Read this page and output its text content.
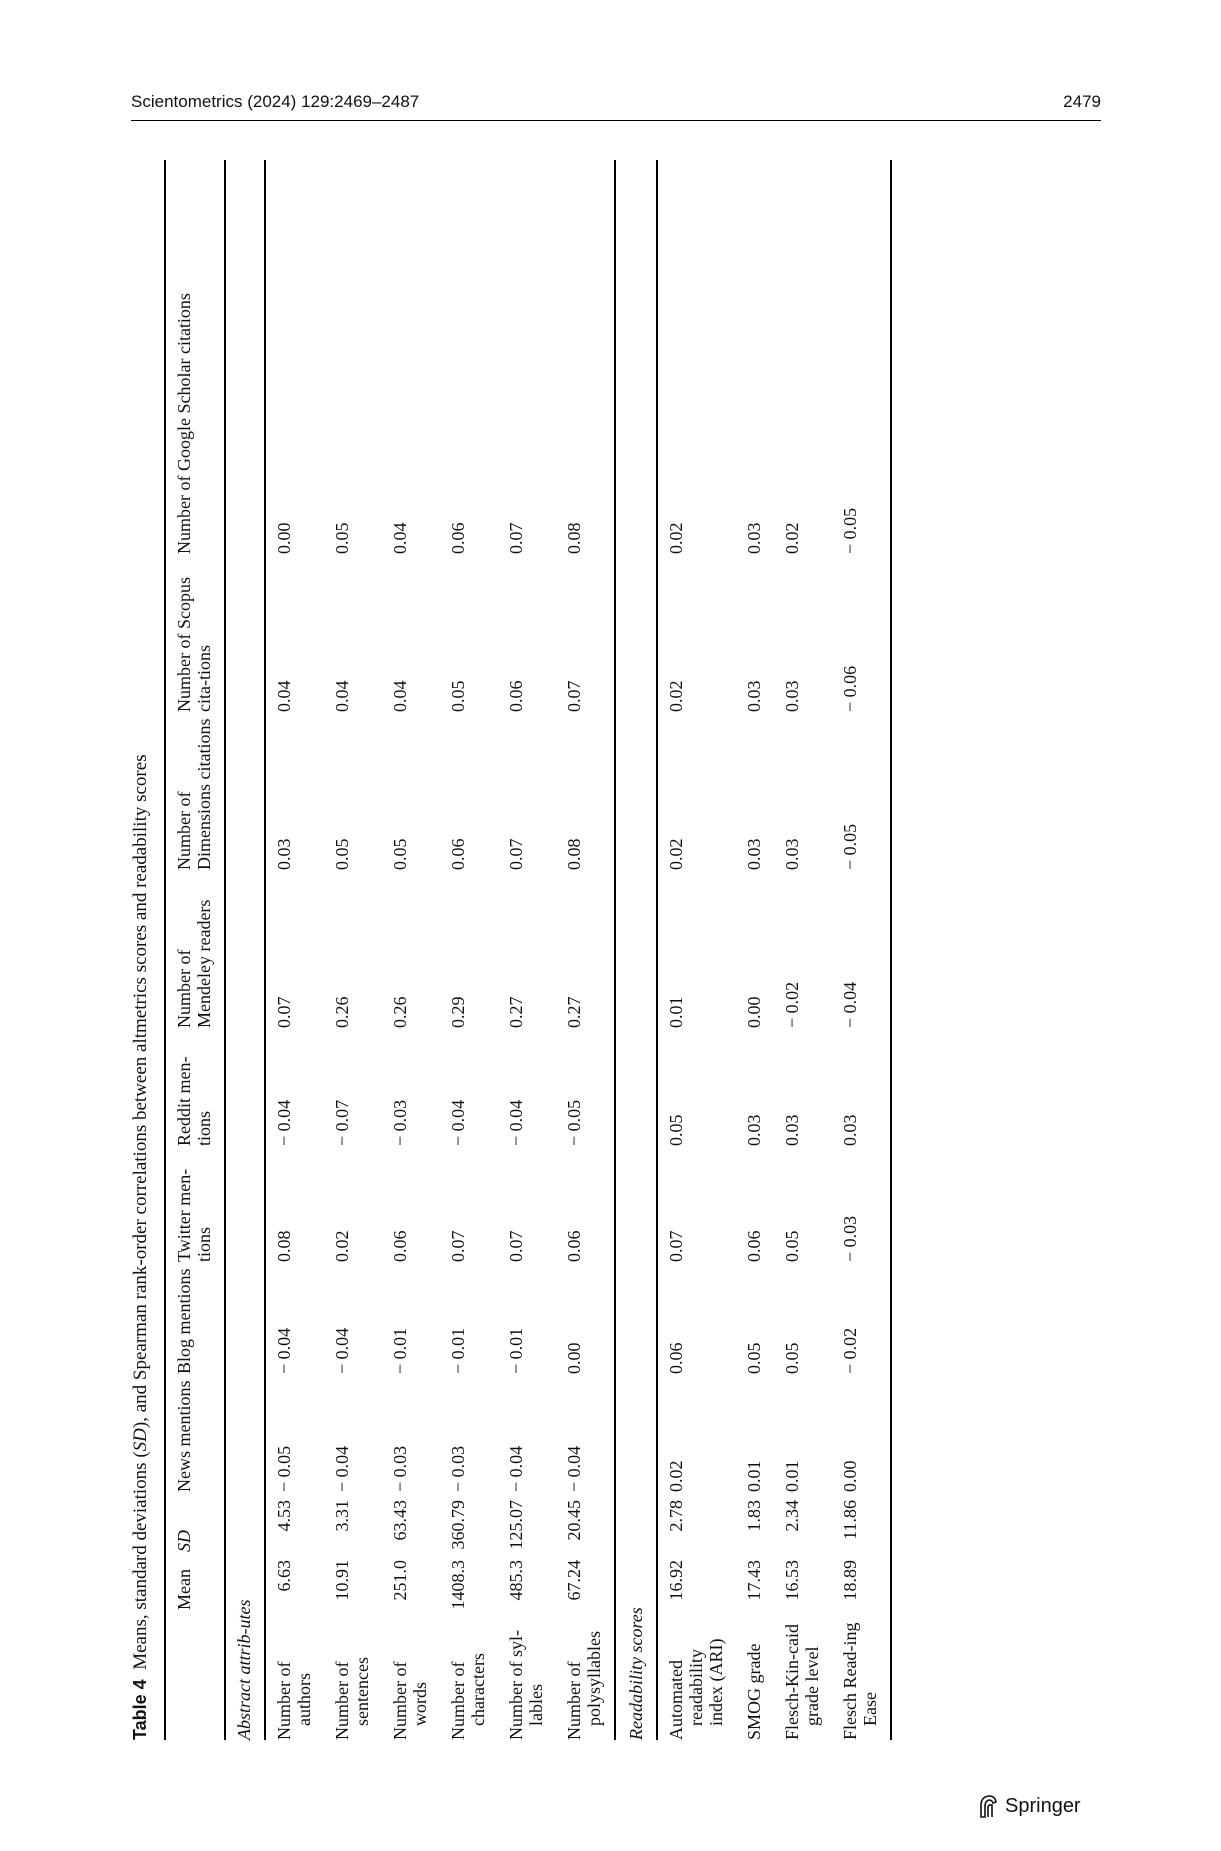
Scientometrics (2024) 129:2469–2487	2479
Table 4  Means, standard deviations (SD), and Spearman rank-order correlations between altmetrics scores and readability scores
	Mean	SD	News mentions	Blog mentions	Twitter men-tions	Reddit men-tions	Number of Mendeley readers	Number of Dimensions citations	Number of Scopus cita-tions	Number of Google Scholar citations
Abstract attrib-utes										

Number of authors	6.63	4.53	− 0.05	− 0.04	0.08	− 0.04	0.07	0.03	0.04	0.00

Number of sentences	10.91	3.31	− 0.04	− 0.04	0.02	− 0.07	0.26	0.05	0.04	0.05

Number of words	251.0	63.43	− 0.03	− 0.01	0.06	− 0.03	0.26	0.05	0.04	0.04

Number of characters	1408.3	360.79	− 0.03	− 0.01	0.07	− 0.04	0.29	0.06	0.05	0.06

Number of syl-lables	485.3	125.07	− 0.04	− 0.01	0.07	− 0.04	0.27	0.07	0.06	0.07

Number of polysyllables	67.24	20.45	− 0.04	0.00	0.06	− 0.05	0.27	0.08	0.07	0.08
Readability scores										

Automated readability index (ARI)	16.92	2.78	0.02	0.06	0.07	0.05	0.01	0.02	0.02	0.02

SMOG grade	17.43	1.83	0.01	0.05	0.06	0.03	0.00	0.03	0.03	0.03

Flesch-Kin-caid grade level	16.53	2.34	0.01	0.05	0.05	0.03	− 0.02	0.03	0.03	0.02

Flesch Read-ing Ease	18.89	11.86	0.00	− 0.02	− 0.03	0.03	− 0.04	− 0.05	− 0.06	− 0.05
Springer
